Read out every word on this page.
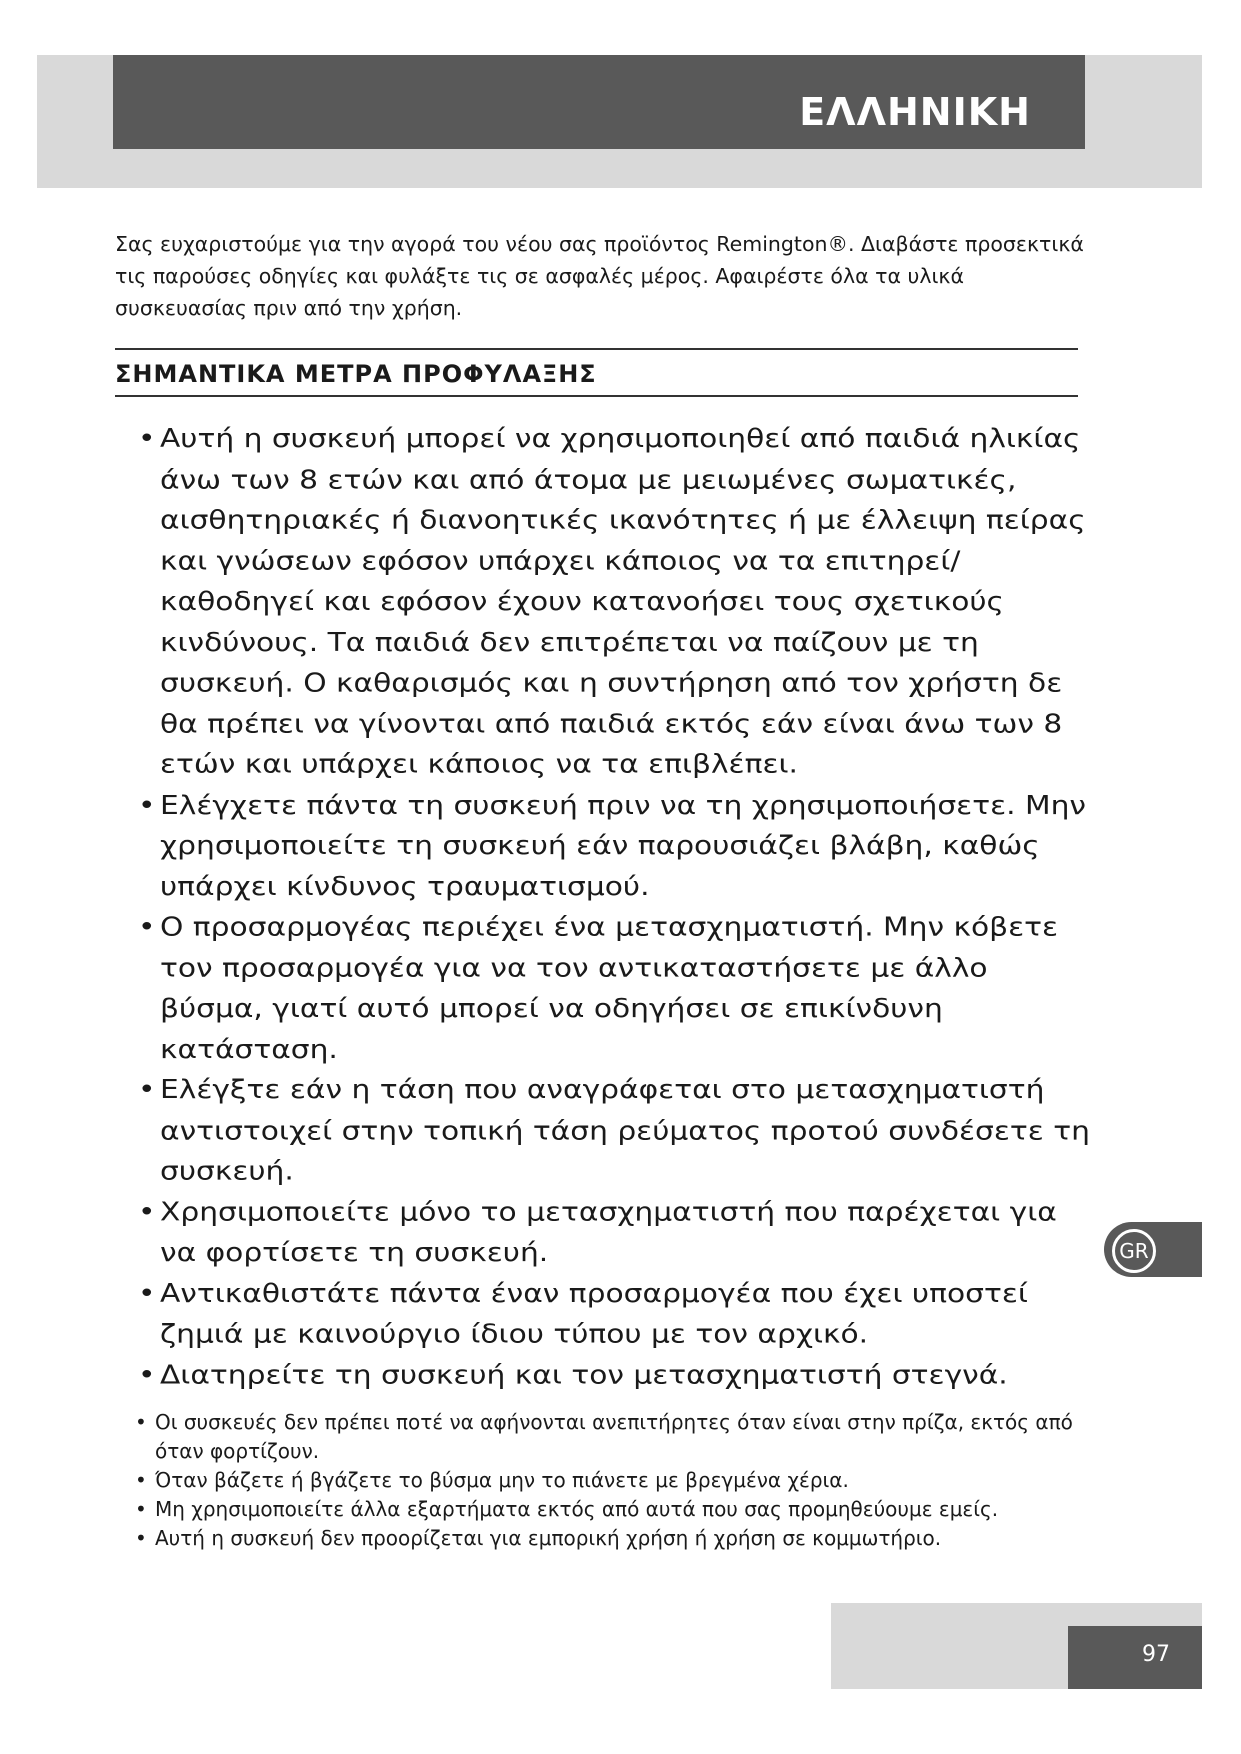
ΕΛΛΗΝΙΚΗ

Σας ευχαριστούμε για την αγορά του νέου σας προϊόντος Remington®. Διαβάστε προσεκτικά τις παρούσες οδηγίες και φυλάξτε τις σε ασφαλές μέρος. Αφαιρέστε όλα τα υλικά συσκευασίας πριν από την χρήση.

ΣΗΜΑΝΤΙΚΑ ΜΕΤΡΑ ΠΡΟΦΥΛΑΞΗΣ
• Αυτή η συσκευή μπορεί να χρησιμοποιηθεί από παιδιά ηλικίας άνω των 8 ετών και από άτομα με μειωμένες σωματικές, αισθητηριακές ή διανοητικές ικανότητες ή με έλλειψη πείρας και γνώσεων εφόσον υπάρχει κάποιος να τα επιτηρεί/καθοδηγεί και εφόσον έχουν κατανοήσει τους σχετικούς κινδύνους. Τα παιδιά δεν επιτρέπεται να παίζουν με τη συσκευή. Ο καθαρισμός και η συντήρηση από τον χρήστη δε θα πρέπει να γίνονται από παιδιά εκτός εάν είναι άνω των 8 ετών και υπάρχει κάποιος να τα επιβλέπει.
• Ελέγχετε πάντα τη συσκευή πριν να τη χρησιμοποιήσετε. Μην χρησιμοποιείτε τη συσκευή εάν παρουσιάζει βλάβη, καθώς υπάρχει κίνδυνος τραυματισμού.
• Ο προσαρμογέας περιέχει ένα μετασχηματιστή. Μην κόβετε τον προσαρμογέα για να τον αντικαταστήσετε με άλλο βύσμα, γιατί αυτό μπορεί να οδηγήσει σε επικίνδυνη κατάσταση.
• Ελέγξτε εάν η τάση που αναγράφεται στο μετασχηματιστή αντιστοιχεί στην τοπική τάση ρεύματος προτού συνδέσετε τη συσκευή.
• Χρησιμοποιείτε μόνο το μετασχηματιστή που παρέχεται για να φορτίσετε τη συσκευή.
• Αντικαθιστάτε πάντα έναν προσαρμογέα που έχει υποστεί ζημιά με καινούργιο ίδιου τύπου με τον αρχικό.
• Διατηρείτε τη συσκευή και τον μετασχηματιστή στεγνά.
• Οι συσκευές δεν πρέπει ποτέ να αφήνονται ανεπιτήρητες όταν είναι στην πρίζα, εκτός από όταν φορτίζουν.
• Όταν βάζετε ή βγάζετε το βύσμα μην το πιάνετε με βρεγμένα χέρια.
• Μη χρησιμοποιείτε άλλα εξαρτήματα εκτός από αυτά που σας προμηθεύουμε εμείς.
• Αυτή η συσκευή δεν προορίζεται για εμπορική χρήση ή χρήση σε κομμωτήριο.
GR
97
